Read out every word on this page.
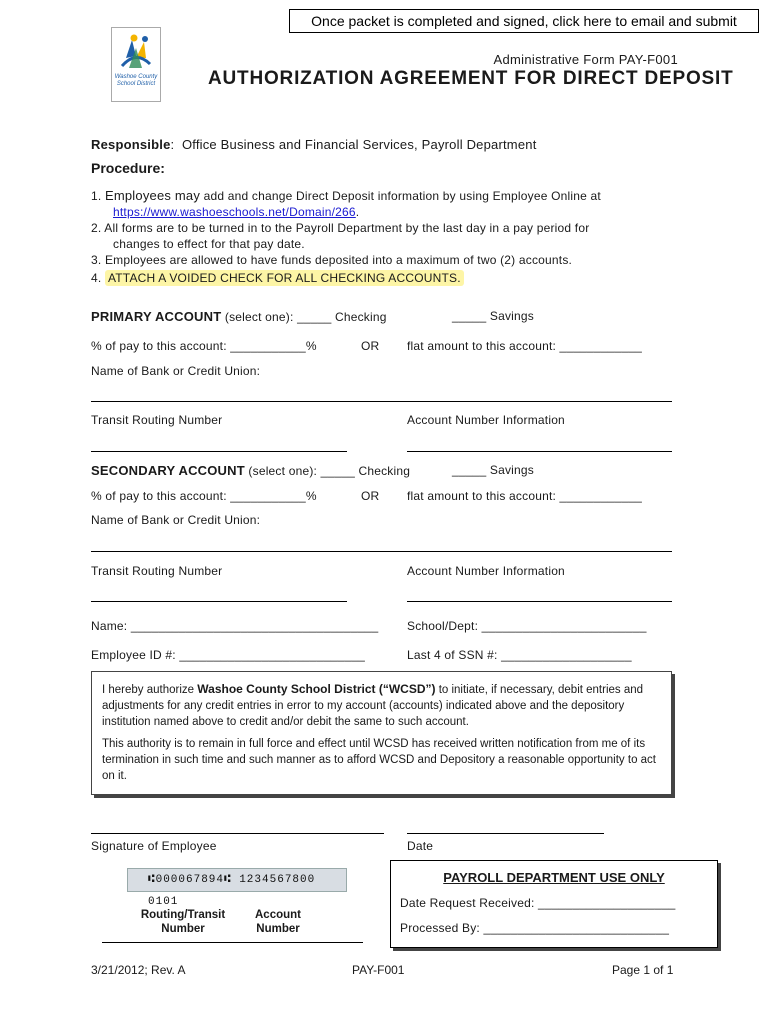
Once packet is completed and signed, click here to email and submit
Washoe County
School District
Administrative Form PAY-F001
AUTHORIZATION AGREEMENT FOR DIRECT DEPOSIT
Responsible:  Office Business and Financial Services, Payroll Department
Procedure:
1. Employees may add and change Direct Deposit information by using Employee Online at
https://www.washoeschools.net/Domain/266.
2. All forms are to be turned in to the Payroll Department by the last day in a pay period for
changes to effect for that pay date.
3. Employees are allowed to have funds deposited into a maximum of two (2) accounts.
4. ATTACH A VOIDED CHECK FOR ALL CHECKING ACCOUNTS.
PRIMARY ACCOUNT (select one): _____ Checking	_____ Savings
% of pay to this account: ___________%	OR flat amount to this account: ____________
Name of Bank or Credit Union:
Transit Routing Number	Account Number Information
SECONDARY ACCOUNT (select one): _____ Checking	_____ Savings
% of pay to this account: ___________%	OR flat amount to this account: ____________
Name of Bank or Credit Union:
Transit Routing Number	Account Number Information
Name: ____________________________________ School/Dept: ________________________
Employee ID #: ___________________________	Last 4 of SSN #: ___________________

I hereby authorize Washoe County School District (“WCSD”) to initiate, if necessary, debit entries and adjustments for any credit entries in error to my account (accounts) indicated above and the depository institution named above to credit and/or debit the same to such account.

This authority is to remain in full force and effect until WCSD has received written notification from me of its termination in such time and such manner as to afford WCSD and Depository a reasonable opportunity to act on it.

Signature of Employee	Date
⑆000067894⑆ 1234567800 0101
Routing/Transit Number
Account Number
PAYROLL DEPARTMENT USE ONLY
Date Request Received: ____________________
Processed By: ___________________________
3/21/2012; Rev. A	PAY-F001	Page 1 of 1
